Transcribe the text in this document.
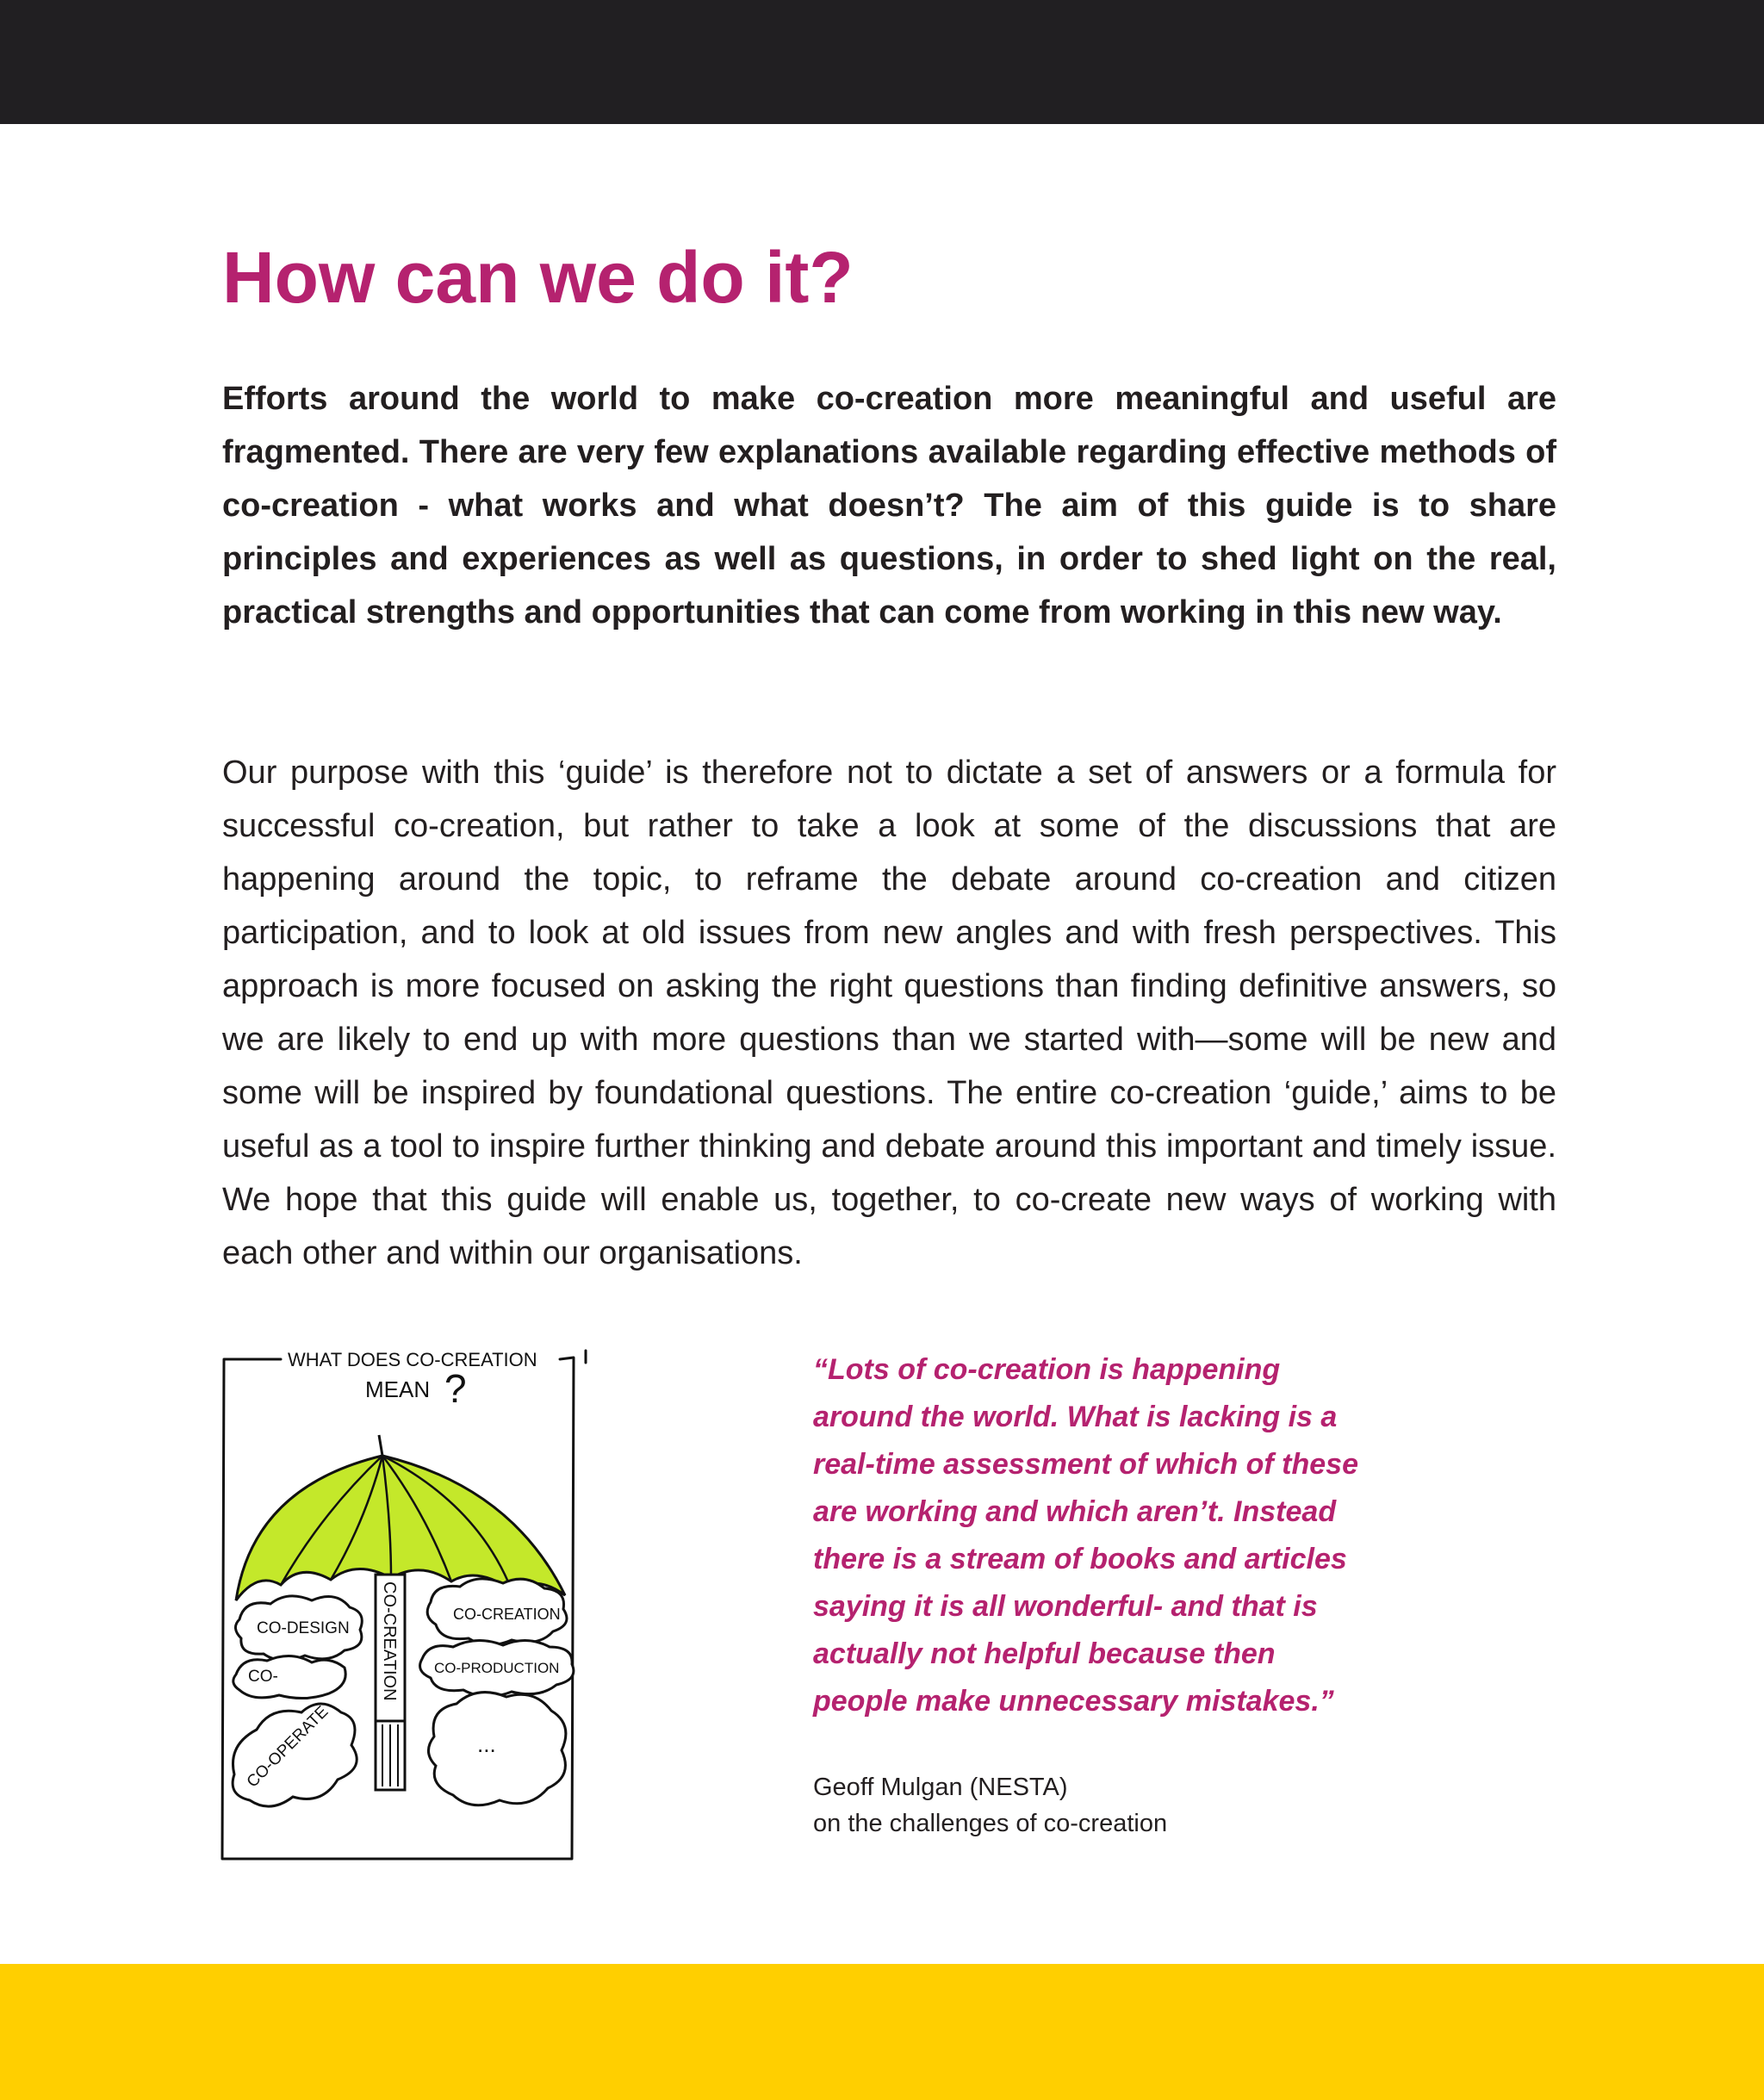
How can we do it?

Efforts around the world to make co-creation more meaningful and useful are fragmented. There are very few explanations available regarding effective methods of co-creation - what works and what doesn’t? The aim of this guide is to share principles and experiences as well as questions, in order to shed light on the real, practical strengths and opportunities that can come from working in this new way.

Our purpose with this ‘guide’ is therefore not to dictate a set of answers or a formula for successful co-creation, but rather to take a look at some of the discussions that are happening around the topic, to reframe the debate around co-creation and citizen participation, and to look at old issues from new angles and with fresh perspectives. This approach is more focused on asking the right questions than finding definitive answers, so we are likely to end up with more questions than we started with—some will be new and some will be inspired by foundational questions. The entire co-creation ‘guide,’ aims to be useful as a tool to inspire further thinking and debate around this important and timely issue. We hope that this guide will enable us, together, to co-create new ways of working with each other and within our organisations.

WHAT DOES CO-CREATION
MEAN ?
CO-CREATION
CO-DESIGN
CO-
CO-OPERATE
CO-CREATION
CO-PRODUCTION
...
“Lots of co-creation is happening
around the world. What is lacking is a
real-time assessment of which of these
are working and which aren’t. Instead
there is a stream of books and articles
saying it is all wonderful- and that is
actually not helpful because then
people make unnecessary mistakes.”
Geoff Mulgan (NESTA)
on the challenges of co-creation
